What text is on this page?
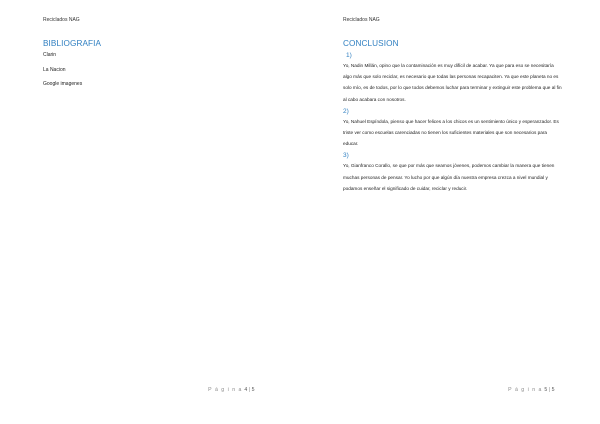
Reciclados NAG
BIBLIOGRAFIA
Clarin
La Nacion
Google imagenes
P á g i n a 4|5
Reciclados NAG
CONCLUSION
1)

Yo, Nadin Millán, opino que la contaminación es muy difícil de acabar. Ya que para eso se necesitaría algo más que solo reciclar, es necesario que todas las personas recapaciten. Ya que este planeta no es solo mío, es de todos, por lo que todos debemos luchar para terminar y extinguir este problema que al fin al cabo acabara con nosotros.

2)

Yo, Nahuel Espíndola, pienso que hacer felices a los chicos es un sentimiento único y esperanzador. Es triste ver como escuelas carenciadas no tienen los suficientes materiales que son necesarios para educar.

3)

Yo, Gianfranco Corallo, se que por más que seamos jóvenes, podemos cambiar la manera que tienen muchas personas de pensar. Yo lucho por que algún día nuestra empresa crezca a nivel mundial y podamos enseñar el significado de cuidar, reciclar y reducir.

P á g i n a 5|5
